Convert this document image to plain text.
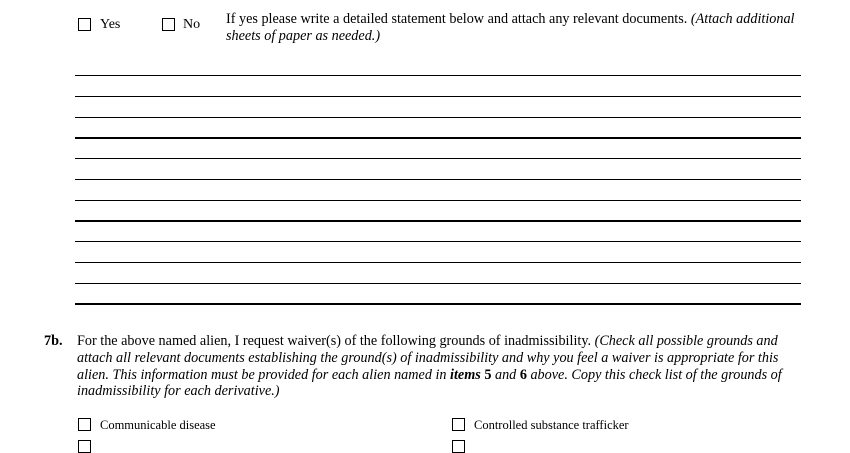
Yes	No If yes please write a detailed statement below and attach any relevant documents. (Attach additional sheets of paper as needed.)
7b. For the above named alien, I request waiver(s) of the following grounds of inadmissibility. (Check all possible grounds and attach all relevant documents establishing the ground(s) of inadmissibility and why you feel a waiver is appropriate for this alien. This information must be provided for each alien named in items 5 and 6 above. Copy this check list of the grounds of inadmissibility for each derivative.)
Communicable disease	Controlled substance trafficker
